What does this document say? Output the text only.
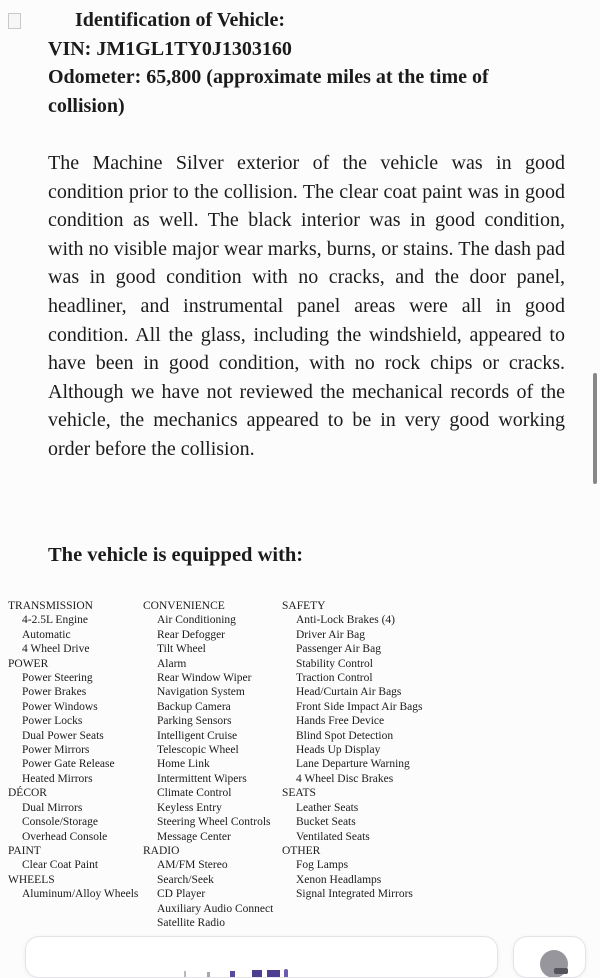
Identification of Vehicle:
VIN: JM1GL1TY0J1303160
Odometer: 65,800 (approximate miles at the time of collision)
The Machine Silver exterior of the vehicle was in good condition prior to the collision. The clear coat paint was in good condition as well. The black interior was in good condition, with no visible major wear marks, burns, or stains. The dash pad was in good condition with no cracks, and the door panel, headliner, and instrumental panel areas were all in good condition. All the glass, including the windshield, appeared to have been in good condition, with no rock chips or cracks. Although we have not reviewed the mechanical records of the vehicle, the mechanics appeared to be in very good working order before the collision.
The vehicle is equipped with:
TRANSMISSION
4-2.5L Engine
Automatic
4 Wheel Drive
POWER
Power Steering
Power Brakes
Power Windows
Power Locks
Dual Power Seats
Power Mirrors
Power Gate Release
Heated Mirrors
DÉCOR
Dual Mirrors
Console/Storage
Overhead Console
PAINT
Clear Coat Paint
WHEELS
Aluminum/Alloy Wheels
CONVENIENCE
Air Conditioning
Rear Defogger
Tilt Wheel
Alarm
Rear Window Wiper
Navigation System
Backup Camera
Parking Sensors
Intelligent Cruise
Telescopic Wheel
Home Link
Intermittent Wipers
Climate Control
Keyless Entry
Steering Wheel Controls
Message Center
RADIO
AM/FM Stereo
Search/Seek
CD Player
Auxiliary Audio Connect
Satellite Radio
SAFETY
Anti-Lock Brakes (4)
Driver Air Bag
Passenger Air Bag
Stability Control
Traction Control
Head/Curtain Air Bags
Front Side Impact Air Bags
Hands Free Device
Blind Spot Detection
Heads Up Display
Lane Departure Warning
4 Wheel Disc Brakes
SEATS
Leather Seats
Bucket Seats
Ventilated Seats
OTHER
Fog Lamps
Xenon Headlamps
Signal Integrated Mirrors
